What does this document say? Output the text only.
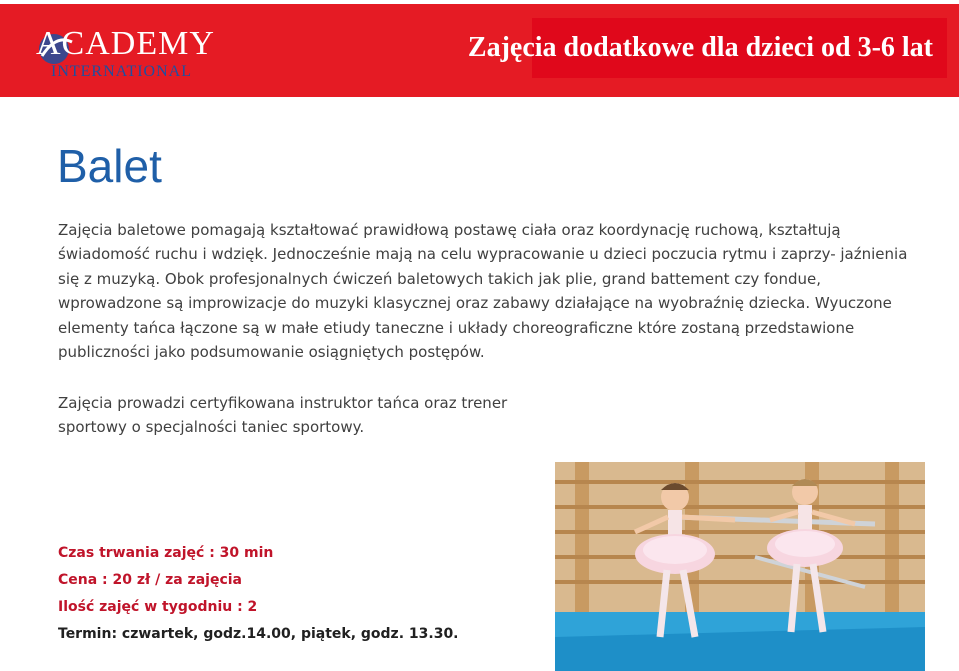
ACADEMY
INTERNATIONAL
Zajęcia dodatkowe dla dzieci od 3-6 lat
Balet
Zajęcia baletowe pomagają kształtować prawidłową postawę ciała oraz koordynację ruchową, kształtują świadomość ruchu i wdzięk. Jednocześnie mają na celu wypracowanie u dzieci poczucia rytmu i zaprzy- jaźnienia się z muzyką. Obok profesjonalnych ćwiczeń baletowych takich jak plie, grand battement czy fondue, wprowadzone są improwizacje do muzyki klasycznej oraz zabawy działające na wyobraźnię dziecka. Wyuczone elementy tańca łączone są w małe etiudy taneczne i układy choreograficzne które zostaną przedstawione publiczności jako podsumowanie osiągniętych postępów.
Zajęcia prowadzi certyfikowana instruktor tańca oraz trener sportowy o specjalności taniec sportowy.
Czas trwania zajęć : 30 min
Cena : 20 zł / za zajęcia
Ilość zajęć w tygodniu : 2
Termin: czwartek, godz.14.00, piątek, godz. 13.30.
